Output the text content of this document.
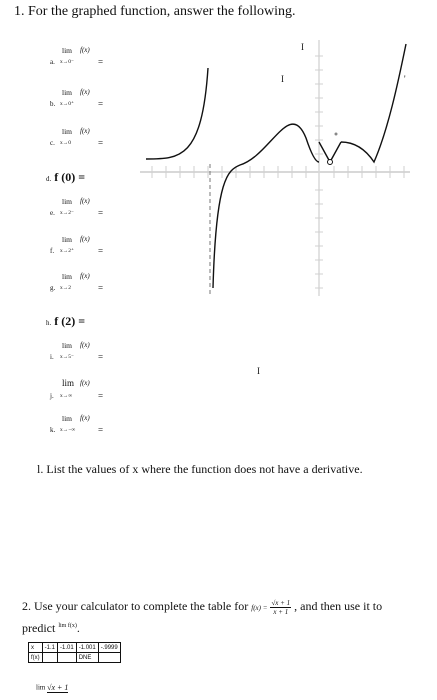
1. For the graphed function, answer the following.
lim f(x)
a. x→0⁻	=
lim f(x)
b. x→0⁺	=
lim f(x)
c. x→0	=
d. f (0) =
lim f(x)
e. x→2⁻	=
lim f(x)
f. x→2⁺	=
lim f(x)
g. x→2	=
h. f (2) =
lim f(x)
i. x→5⁻	=
lim f(x)
j. x→∞	=
lim f(x)
k. x→−∞	=
I
I
'
I
l. List the values of x where the function does not have a derivative.
2. Use your calculator to complete the table for $f(x) = \frac{√x + 1}{x + 1}$ , and then use it to
predict $^{lim f(x)}$.
x	-1.1	-1.01	-1.001	-.9999
f(x)			DNE	
lim √x + 1
